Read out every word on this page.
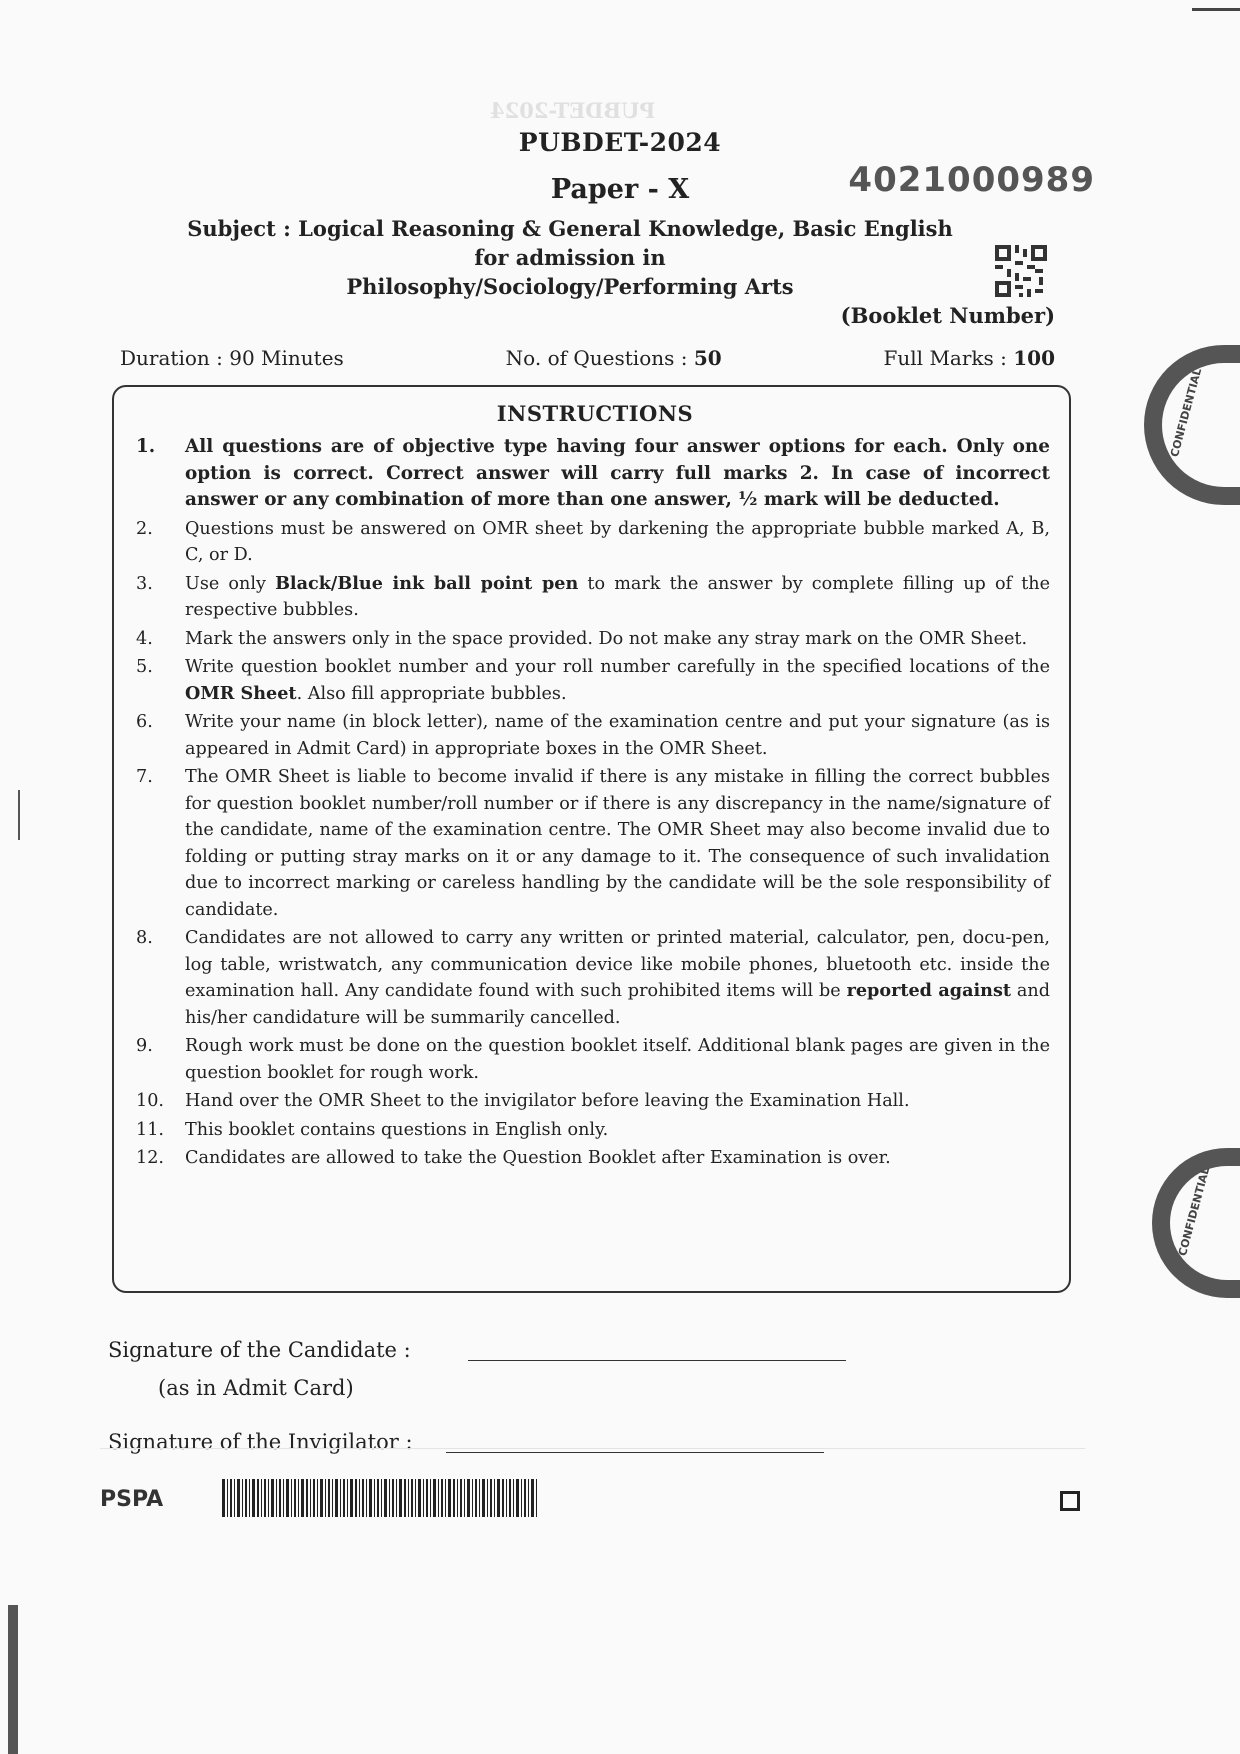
PUBDET-2024
PUBDET-2024
Paper - X	4021000989
Subject : Logical Reasoning & General Knowledge, Basic English
for admission in
Philosophy/Sociology/Performing Arts
(Booklet Number)
Duration : 90 Minutes	No. of Questions : 50	Full Marks : 100
INSTRUCTIONS
1.	All questions are of objective type having four answer options for each. Only one option is correct. Correct answer will carry full marks 2. In case of incorrect answer or any combination of more than one answer, ½ mark will be deducted.
2.	Questions must be answered on OMR sheet by darkening the appropriate bubble marked A, B, C, or D.
3.	Use only Black/Blue ink ball point pen to mark the answer by complete filling up of the respective bubbles.
4.	Mark the answers only in the space provided. Do not make any stray mark on the OMR Sheet.
5.	Write question booklet number and your roll number carefully in the specified locations of the OMR Sheet. Also fill appropriate bubbles.
6.	Write your name (in block letter), name of the examination centre and put your signature (as is appeared in Admit Card) in appropriate boxes in the OMR Sheet.
7.	The OMR Sheet is liable to become invalid if there is any mistake in filling the correct bubbles for question booklet number/roll number or if there is any discrepancy in the name/signature of the candidate, name of the examination centre. The OMR Sheet may also become invalid due to folding or putting stray marks on it or any damage to it. The consequence of such invalidation due to incorrect marking or careless handling by the candidate will be the sole responsibility of candidate.
8.	Candidates are not allowed to carry any written or printed material, calculator, pen, docu-pen, log table, wristwatch, any communication device like mobile phones, bluetooth etc. inside the examination hall. Any candidate found with such prohibited items will be reported against and his/her candidature will be summarily cancelled.
9.	Rough work must be done on the question booklet itself. Additional blank pages are given in the question booklet for rough work.
10.	Hand over the OMR Sheet to the invigilator before leaving the Examination Hall.
11.	This booklet contains questions in English only.
12.	Candidates are allowed to take the Question Booklet after Examination is over.
Signature of the Candidate :
(as in Admit Card)
Signature of the Invigilator :
PSPA
CONFIDENTIAL
CONFIDENTIAL
